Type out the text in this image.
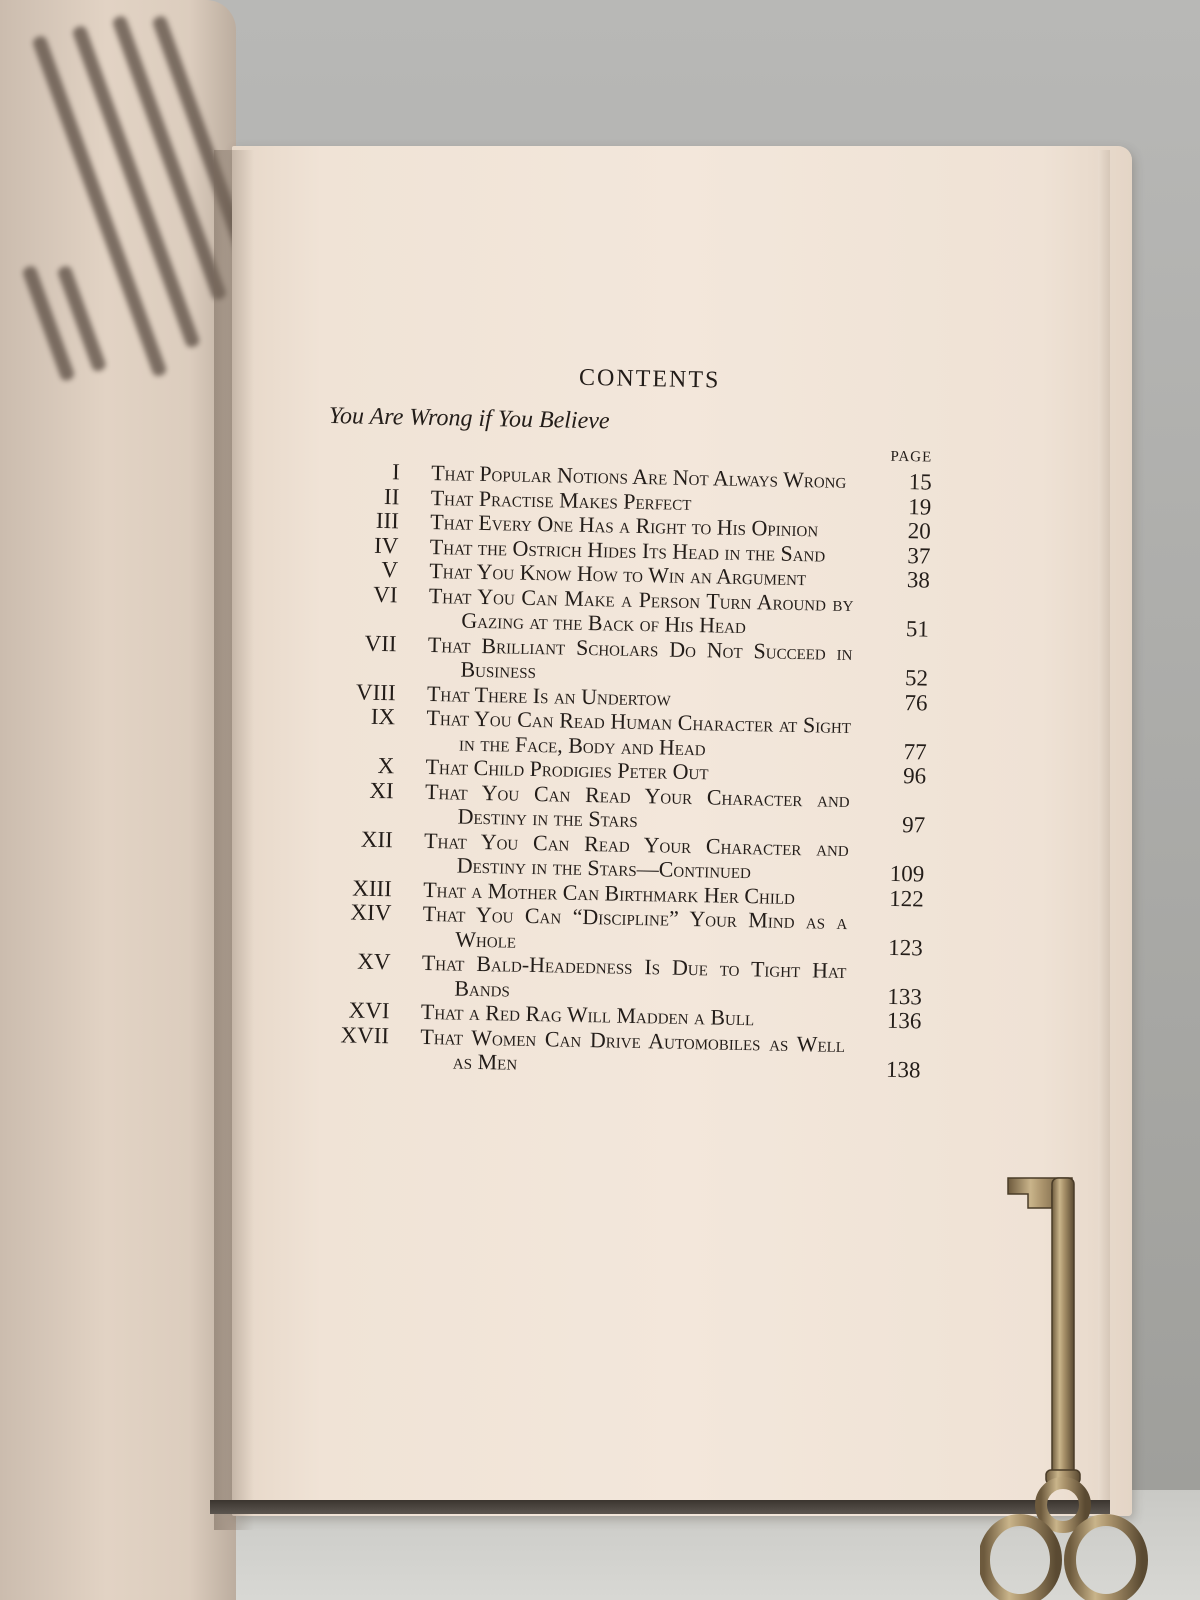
CONTENTS
You Are Wrong if You Believe
PAGE
I	That Popular Notions Are Not Always Wrong	15
II	That Practise Makes Perfect	19
III	That Every One Has a Right to His Opinion	20
IV	That the Ostrich Hides Its Head in the Sand	37
V	That You Know How to Win an Argument	38
VI	That You Can Make a Person Turn Around by Gazing at the Back of His Head	51
VII	That Brilliant Scholars Do Not Succeed in Business	52
VIII	That There Is an Undertow	76
IX	That You Can Read Human Character at Sight in the Face, Body and Head	77
X	That Child Prodigies Peter Out	96
XI	That You Can Read Your Character and Destiny in the Stars	97
XII	That You Can Read Your Character and Destiny in the Stars—Continued	109
XIII	That a Mother Can Birthmark Her Child	122
XIV	That You Can “Discipline” Your Mind as a Whole	123
XV	That Bald-Headedness Is Due to Tight Hat Bands	133
XVI	That a Red Rag Will Madden a Bull	136
XVII	That Women Can Drive Automobiles as Well as Men	138
